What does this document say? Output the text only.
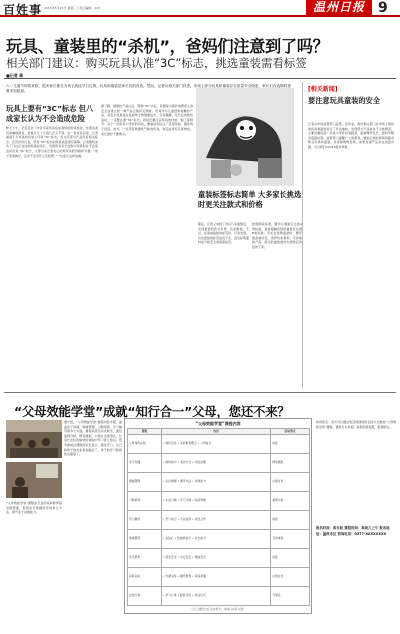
百姓事 2015年5月25日 星期三 | 责任编辑：XXX	温州日报 9
玩具、童装里的“杀机”，爸妈们注意到了吗？
相关部门建议：购买玩具认准“3C”标志，挑选童装需看标签
■记者 蒋
六一儿童节即将来临，很多家长都在为孩子挑选节日礼物。玩具和童装是家长们的首选。然而，记者从相关部门获悉，市场上部分玩具和童装存在质量安全隐患，家长们在选购时需要多加留意。
玩具上要有“3C”标志 但八成家长认为不会造成危险
昨天下午，记者走访了市区多家玩具店和商场的玩具柜台，发现各类玩具琳琅满目，价格从几十元到几百元不等。在一家玩具店里，记者看到不少玩具的包装上印有“3C”标志，但也有部分产品没有相关标志。店员告诉记者，带有“3C”标志的玩具质量更有保障。记者随机采访了几位正在选购玩具的家长，发现很多家长在购买玩具时并不会留意是否有“3C”标志，大部分家长更关心的是玩具的价格和外观。“孩子喜欢就好，应该不会有什么危险吧。”一位家长这样说道。
据了解，强制性产品认证，简称“3C”认证，是国家为保护消费者人身安全而建立的一种产品合格评定制度。玩具作为儿童经常接触的产品，其安全性直接关系到孩子的健康成长。专家提醒，家长在选购玩具时，一定要认准“3C”标志，同时还要注意玩具的材质、做工等细节。对于一些带有小零件的玩具，要看是否标注了适用年龄，避免孩子误吞。此外，一些带有刺激性气味的玩具，也可能含有有害物质，家长最好不要购买。
[相关新闻]
要注意玩具童装的安全
记者从市场监管部门获悉，近年来，我市相关部门对市场上销售的玩具和童装进行了多次抽检，发现部分产品存在不合格情况。主要问题包括：玩具小零件容易脱落、童装绳带过长、面料甲醛含量超标等。监管部门提醒广大消费者，要到正规的商场和超市购买玩具和童装，并索取购物发票。如果发现产品存在质量问题，可以拨打12315投诉举报。
童装标签标志简单 大多家长挑选时更关注款式和价格
随后，记者又来到了市区几家童装店，发现童装的款式多样，色彩鲜艳。不过，在查看童装的标签时，记者发现，有些童装的标签信息不全，没有标明面料成分和安全类别等信息。
按照国家标准，婴幼儿服装应达到A类标准，直接接触皮肤的童装应达到B类标准。家长在选购童装时，要仔细查看标签，选择色彩柔和、无异味的产品，新买的童装最好先清洗后再给孩子穿。
“父母效能学堂”成就“知行合一”父母，您还不来？
“父母效能学堂”课程由专业的家庭教育指导师授课，帮助家长掌握科学的育儿方法，提升亲子沟通能力。
据介绍，“父母效能学堂”课程内容丰富，涵盖亲子沟通、情绪管理、习惯培养、学习辅导等多个方面。课程采用互动式教学，通过案例分析、情景模拟、小组讨论等形式，让家长在轻松愉快的氛围中学习育儿知识。很多参加过课程的家长表示，通过学习，自己和孩子的关系更加融洽了，孩子的学习积极性也提高了。
“父母效能学堂”课程内容
课程	内容	活动形式
父母角色认知	• 角色定位 • 家庭教育理念 • 父母成长	讲座
亲子沟通	• 倾听技巧 • 表达方式 • 冲突处理	情景模拟
情绪管理	• 认识情绪 • 调节方法 • 共情能力	小组讨论
习惯培养	• 生活习惯 • 学习习惯 • 时间管理	案例分析
学习辅导	• 学习动力 • 方法指导 • 家校合作	讲座
性格塑造	• 自信心 • 抗挫折能力 • 社交能力	互动体验
安全教育	• 居家安全 • 出行安全 • 网络安全	讲座
家庭关系	• 夫妻关系 • 隔代教育 • 家庭氛围	小组讨论
总结分享	• 学习心得 • 经验交流 • 结业仪式	分享会
（以上课程内容仅供参考，具体以实际为准）
如何报名：家长可以通过电话或现场报名的方式参加“父母效能学堂”课程。课程分为多期，每期名额有限，报满即止。
报名时间：即日起 课程时间：每周六上午 报名地址：温州市区 咨询电话：0577-XXXXXXXX
